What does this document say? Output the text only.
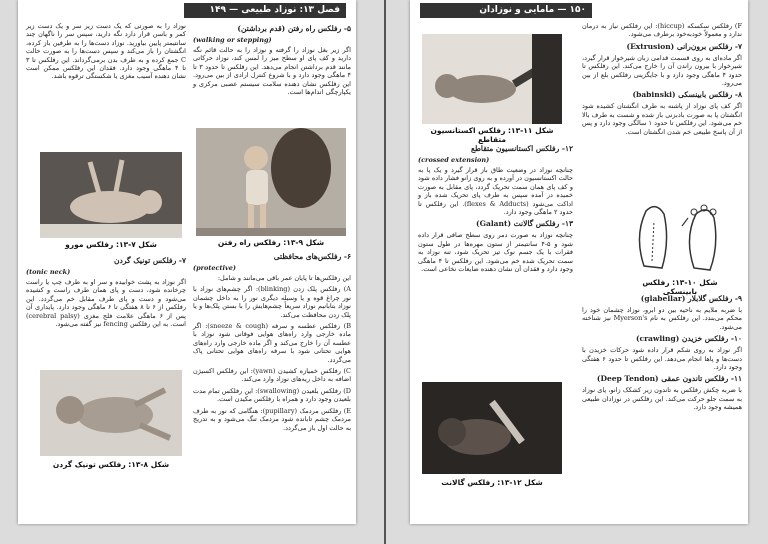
فصل ۱۳: نوزاد طبیعی — ۱۴۹
۵- رفلکس راه رفتن (قدم برداشتن)
(walking or stepping)

اگر زیر بغل نوزاد را گرفته و نوزاد را به حالت قائم نگه دارید و کف پای او سطح میز را لمس کند، نوزاد حرکاتی مانند قدم برداشتن انجام می‌دهد. این رفلکس تا حدود ۳ تا ۴ ماهگی وجود دارد و با شروع کنترل ارادی از بین می‌رود. این رفلکس نشان دهنده سلامت سیستم عصبی مرکزی و یکپارچگی اندام‌ها است.

شکل ۹-۱۳: رفلکس راه رفتن
۶- رفلکس‌های محافظتی
(protective)

این رفلکس‌ها تا پایان عمر باقی می‌مانند و شامل:

A) رفلکس پلک زدن (blinking): اگر چشم‌های نوزاد با نور چراغ قوه و یا وسیله دیگری نور را به داخل چشمان نوزاد بتابانیم نوزاد سریعاً چشم‌هایش را با بستن پلک‌ها و یا پلک زدن محافظت می‌کند.

B) رفلکس عطسه و سرفه (sneeze & cough): اگر ماده خارجی وارد راه‌های هوایی فوقانی شود نوزاد با عطسه آن را خارج می‌کند و اگر ماده خارجی وارد راه‌های هوایی تحتانی شود با سرفه راه‌های هوایی تحتانی پاک می‌گردد.

C) رفلکس خمیازه کشیدن (yawn): این رفلکس اکسیژن اضافه به داخل ریه‌های نوزاد وارد می‌کند.

D) رفلکس بلعیدن (swallowing): این رفلکس تمام مدت بلعیدن وجود دارد و همراه با رفلکس مکیدن است.

E) رفلکس مردمک (pupillary): هنگامی که نور به طرف مردمک چشم تابانده شود مردمک تنگ می‌شود و به تدریج به حالت اول باز می‌گردد.

نوزاد را به صورتی که یک دست زیر سر و یک دست زیر کمر و باسن قرار دارد نگه دارید، سپس سر را ناگهان چند سانتیمتر پایین بیاورید. نوزاد دست‌ها را به طرفین باز کرده، انگشتان را باز می‌کند و سپس دست‌ها را به صورت حالت C جمع کرده و به طرف بدن برمی‌گرداند. این رفلکس تا ۳ تا ۴ ماهگی وجود دارد. فقدان این رفلکس ممکن است نشان دهنده آسیب مغزی یا شکستگی ترقوه باشد.

شکل ۷-۱۳: رفلکس مورو
۷- رفلکس تونیک گردن
(tonic neck)

اگر نوزاد به پشت خوابیده و سر او به طرف چپ یا راست چرخانده شود، دست و پای همان طرف راست و کشیده می‌شود و دست و پای طرف مقابل خم می‌گردد. این رفلکس از ۶ تا ۸ هفتگی تا ۶ ماهگی وجود دارد. پایداری آن پس از ۶ ماهگی علامت فلج مغزی (cerebral palsy) است. به این رفلکس fencing نیز گفته می‌شود.

شکل ۸-۱۳: رفلکس تونیک گردن
۱۵۰ — مامایی و نوزادان
شکل ۱۱-۱۳: رفلکس اکستانسیون متقاطع
۱۲- رفلکس اکستانسیون متقاطع
(crossed extension)

چنانچه نوزاد در وضعیت طاق باز قرار گیرد و یک پا به حالت اکستانسیون در آورده و به روی زانو فشار داده شود و کف پای همان سمت تحریک گردد، پای مقابل به صورت خمیده در آمده سپس به طرف پای تحریک شده باز و اداکت می‌شود (flexes & Adducts). این رفلکس تا حدود ۲ ماهگی وجود دارد.

۱۳- رفلکس گالانت (Galant)

چنانچه نوزاد به صورت دمر روی سطح صافی قرار داده شود و ۵-۴ سانتیمتر از ستون مهره‌ها در طول ستون فقرات با یک جسم نوک تیز تحریک شود، تنه نوزاد به سمت تحریک شده خم می‌شود. این رفلکس تا ۴ ماهگی وجود دارد و فقدان آن نشان دهنده ضایعات نخاعی است.

شکل ۱۲-۱۳: رفلکس گالانت

F) رفلکس سکسکه (hiccup): این رفلکس نیاز به درمان ندارد و معمولاً خودبه‌خود برطرف می‌شود.

۷- رفلکس برون‌رانی (Extrusion)

اگر ماده‌ای به روی قسمت قدامی زبان شیرخوار قرار گیرد، شیرخوار با بیرون راندن آن را خارج می‌کند. این رفلکس تا حدود ۴ ماهگی وجود دارد و با جایگزینی رفلکس بلع از بین می‌رود.

۸- رفلکس بابینسکی (babinski)

اگر کف پای نوزاد از پاشنه به طرف انگشتان کشیده شود انگشتان پا به صورت بادبزنی باز شده و شست به طرف بالا خم می‌شود. این رفلکس تا حدود ۱ سالگی وجود دارد و پس از آن پاسخ طبیعی خم شدن انگشتان است.

شکل ۱۰-۱۳: رفلکس بابینسکی
۹- رفلکس گلابلار (glabellar)

با ضربه ملایم به ناحیه بین دو ابرو، نوزاد چشمان خود را محکم می‌بندد. این رفلکس به نام Myerson's نیز شناخته می‌شود.

۱۰- رفلکس خزیدن (crawling)

اگر نوزاد به روی شکم قرار داده شود حرکات خزیدن با دست‌ها و پاها انجام می‌دهد. این رفلکس تا حدود ۶ هفتگی وجود دارد.

۱۱- رفلکس تاندون عمقی (Deep Tendon)

با ضربه چکش رفلکس به تاندون زیر کشکک زانو، پای نوزاد به سمت جلو حرکت می‌کند. این رفلکس در نوزادان طبیعی همیشه وجود دارد.
